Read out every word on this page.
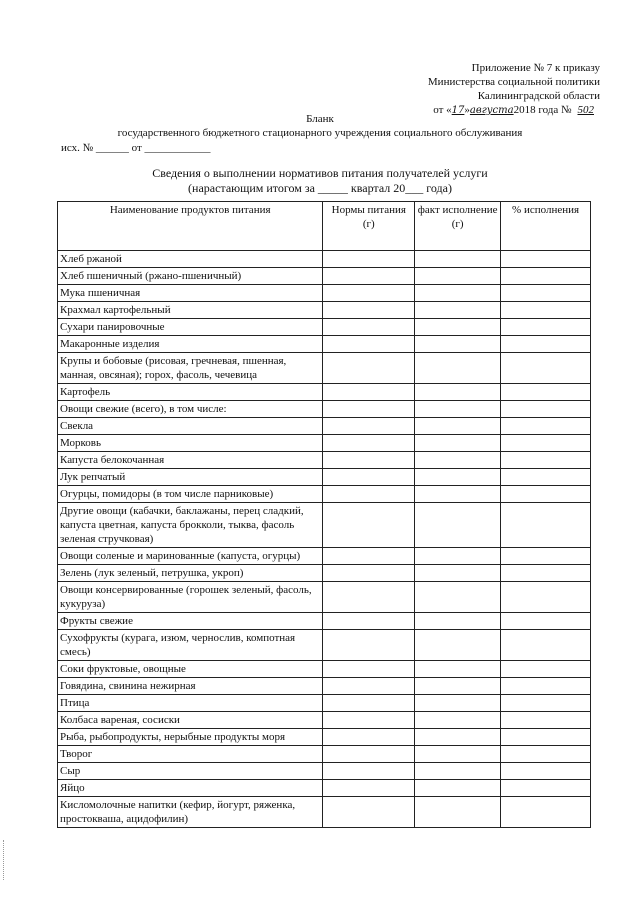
Приложение № 7 к приказу
Министерства социальной политики
Калининградской области
от «17»августа2018 года № 502
Бланк
государственного бюджетного стационарного учреждения социального обслуживания
исх. № ______ от ____________
Сведения о выполнении нормативов питания получателей услуги
(нарастающим итогом за _____ квартал 20___ года)
Наименование продуктов питания	Нормы питания (г)	факт исполнение (г)	% исполнения
Хлеб ржаной			
Хлеб пшеничный (ржано-пшеничный)			
Мука пшеничная			
Крахмал картофельный			
Сухари панировочные			
Макаронные изделия			
Крупы и бобовые (рисовая, гречневая, пшенная, манная, овсяная); горох, фасоль, чечевица			
Картофель			
Овощи свежие (всего), в том числе:			
Свекла			
Морковь			
Капуста белокочанная			
Лук репчатый			
Огурцы, помидоры (в том числе парниковые)			
Другие овощи (кабачки, баклажаны, перец сладкий, капуста цветная, капуста брокколи, тыква, фасоль зеленая стручковая)			
Овощи соленые и маринованные (капуста, огурцы)			
Зелень (лук зеленый, петрушка, укроп)			
Овощи консервированные (горошек зеленый, фасоль, кукуруза)			
Фрукты свежие			
Сухофрукты (курага, изюм, чернослив, компотная смесь)			
Соки фруктовые, овощные			
Говядина, свинина нежирная			
Птица			
Колбаса вареная, сосиски			
Рыба, рыбопродукты, нерыбные продукты моря			
Творог			
Сыр			
Яйцо			
Кисломолочные напитки (кефир, йогурт, ряженка, простокваша, ацидофилин)			
